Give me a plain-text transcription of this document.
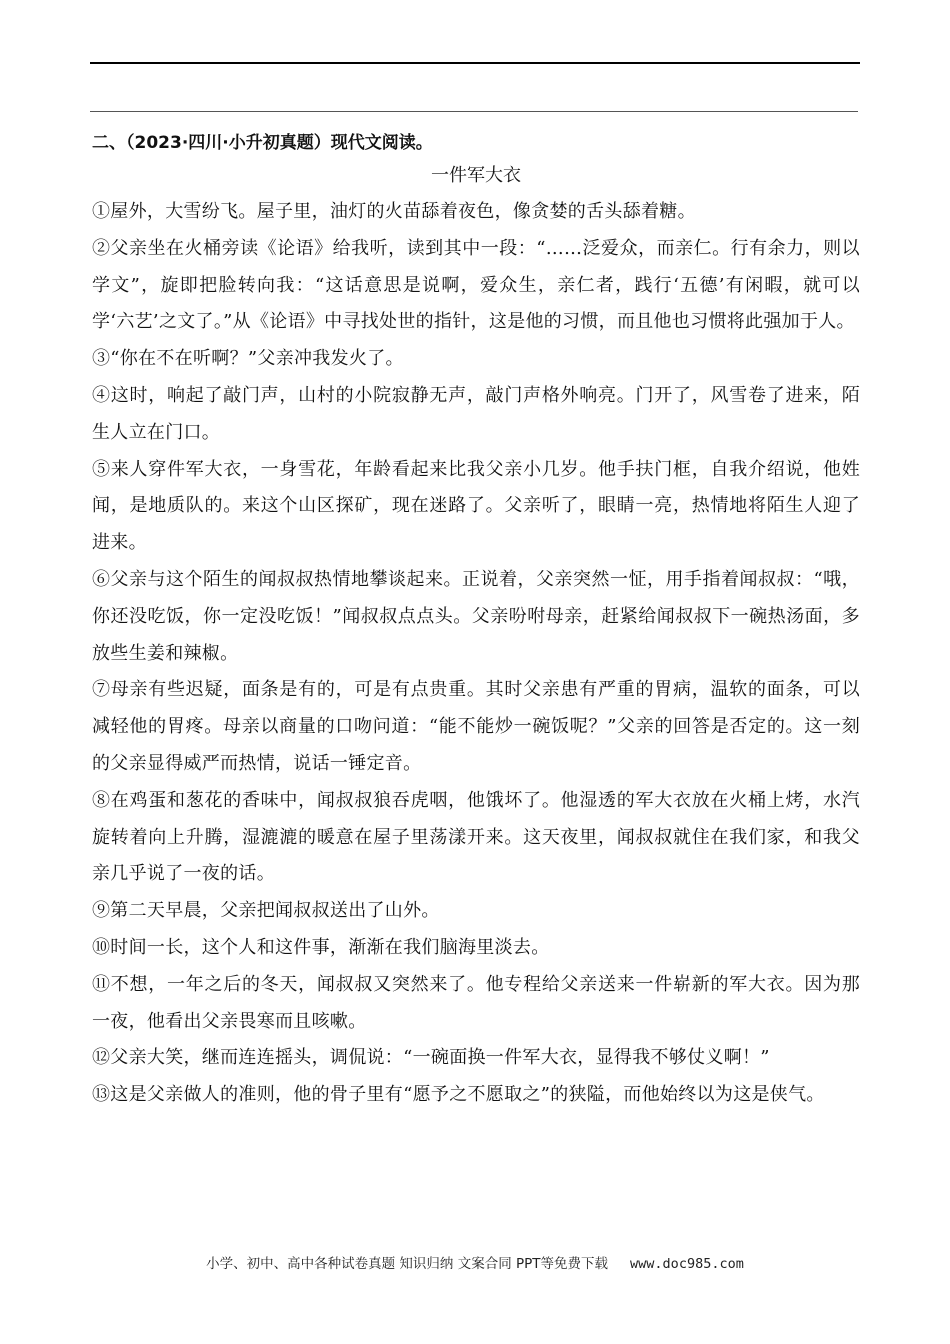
二、（2023·四川·小升初真题）现代文阅读。

一件军大衣

①屋外，大雪纷飞。屋子里，油灯的火苗舔着夜色，像贪婪的舌头舔着糖。

②父亲坐在火桶旁读《论语》给我听，读到其中一段：“……泛爱众，而亲仁。行有余力，则以学文”，旋即把脸转向我：“这话意思是说啊，爱众生，亲仁者，践行‘五德’有闲暇，就可以学‘六艺’之文了。”从《论语》中寻找处世的指针，这是他的习惯，而且他也习惯将此强加于人。

③“你在不在听啊？”父亲冲我发火了。

④这时，响起了敲门声，山村的小院寂静无声，敲门声格外响亮。门开了，风雪卷了进来，陌生人立在门口。

⑤来人穿件军大衣，一身雪花，年龄看起来比我父亲小几岁。他手扶门框，自我介绍说，他姓闻，是地质队的。来这个山区探矿，现在迷路了。父亲听了，眼睛一亮，热情地将陌生人迎了进来。

⑥父亲与这个陌生的闻叔叔热情地攀谈起来。正说着，父亲突然一怔，用手指着闻叔叔：“哦，你还没吃饭，你一定没吃饭！”闻叔叔点点头。父亲吩咐母亲，赶紧给闻叔叔下一碗热汤面，多放些生姜和辣椒。

⑦母亲有些迟疑，面条是有的，可是有点贵重。其时父亲患有严重的胃病，温软的面条，可以减轻他的胃疼。母亲以商量的口吻问道：“能不能炒一碗饭呢？”父亲的回答是否定的。这一刻的父亲显得威严而热情，说话一锤定音。

⑧在鸡蛋和葱花的香味中，闻叔叔狼吞虎咽，他饿坏了。他湿透的军大衣放在火桶上烤，水汽旋转着向上升腾，湿漉漉的暖意在屋子里荡漾开来。这天夜里，闻叔叔就住在我们家，和我父亲几乎说了一夜的话。

⑨第二天早晨，父亲把闻叔叔送出了山外。

⑩时间一长，这个人和这件事，渐渐在我们脑海里淡去。

⑪不想，一年之后的冬天，闻叔叔又突然来了。他专程给父亲送来一件崭新的军大衣。因为那一夜，他看出父亲畏寒而且咳嗽。

⑫父亲大笑，继而连连摇头，调侃说：“一碗面换一件军大衣，显得我不够仗义啊！”

⑬这是父亲做人的准则，他的骨子里有“愿予之不愿取之”的狭隘，而他始终以为这是侠气。

小学、初中、高中各种试卷真题 知识归纳 文案合同 PPT等免费下载 www.doc985.com
